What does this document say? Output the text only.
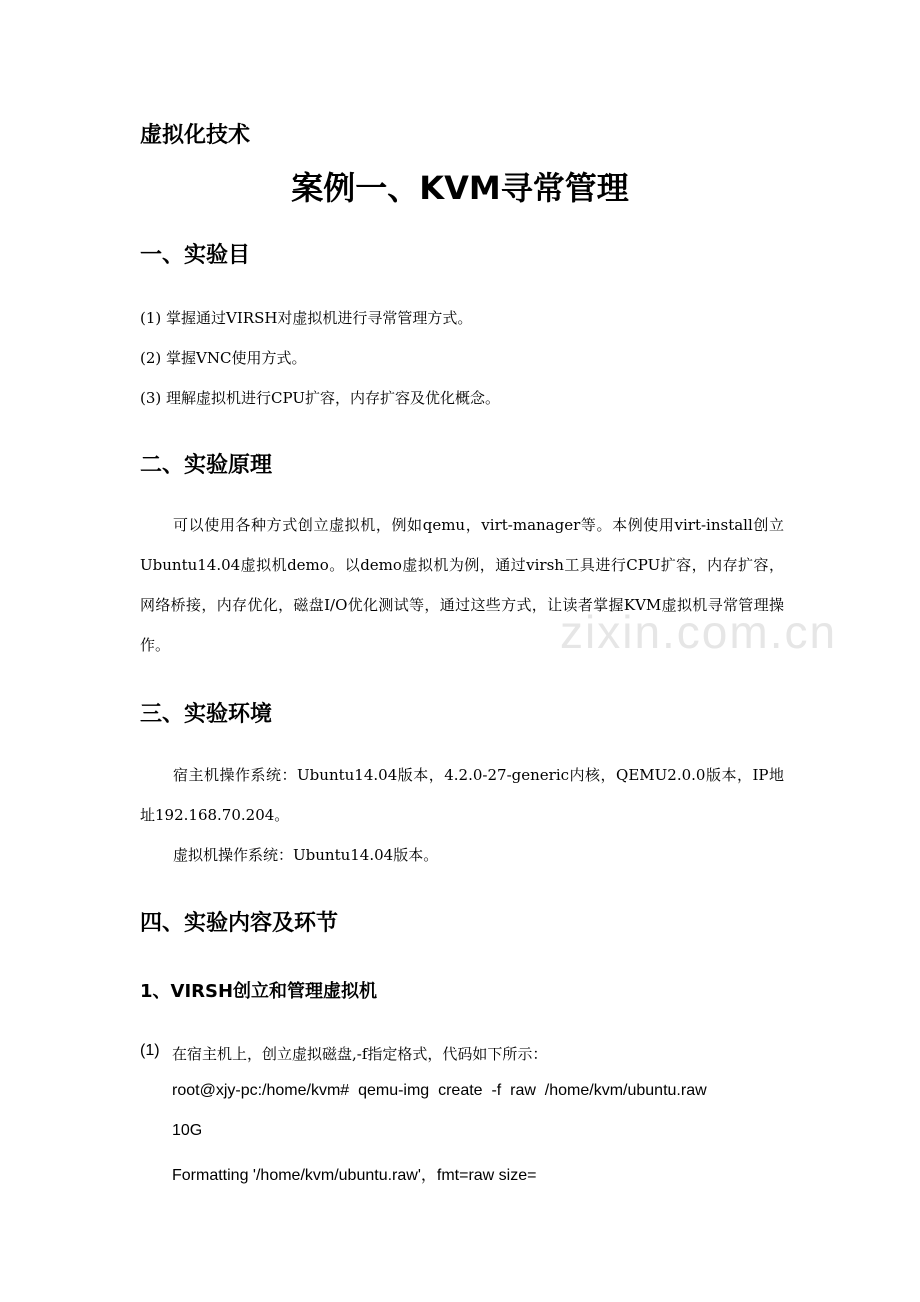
zixin.com.cn
虚拟化技术
案例一、KVM寻常管理
一、实验目
(1) 掌握通过VIRSH对虚拟机进行寻常管理方式。
(2) 掌握VNC使用方式。
(3) 理解虚拟机进行CPU扩容，内存扩容及优化概念。
二、实验原理

可以使用各种方式创立虚拟机，例如qemu，virt-manager等。本例使用virt-install创立Ubuntu14.04虚拟机demo。以demo虚拟机为例，通过virsh工具进行CPU扩容，内存扩容，网络桥接，内存优化，磁盘I/O优化测试等，通过这些方式，让读者掌握KVM虚拟机寻常管理操作。

三、实验环境

宿主机操作系统：Ubuntu14.04版本，4.2.0-27-generic内核，QEMU2.0.0版本，IP地址192.168.70.204。

虚拟机操作系统：Ubuntu14.04版本。

四、实验内容及环节
1、VIRSH创立和管理虚拟机
(1) 在宿主机上，创立虚拟磁盘,-f指定格式，代码如下所示：
root@xjy-pc:/home/kvm#  qemu-img  create  -f  raw  /home/kvm/ubuntu.raw
10G
Formatting '/home/kvm/ubuntu.raw'，fmt=raw size=
